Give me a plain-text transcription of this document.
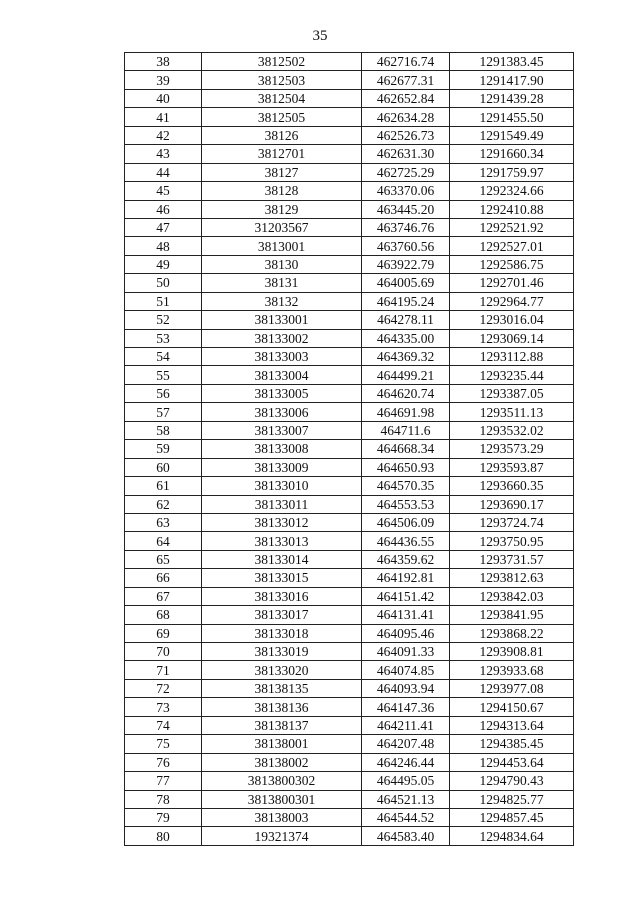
35
38	3812502	462716.74	1291383.45
39	3812503	462677.31	1291417.90
40	3812504	462652.84	1291439.28
41	3812505	462634.28	1291455.50
42	38126	462526.73	1291549.49
43	3812701	462631.30	1291660.34
44	38127	462725.29	1291759.97
45	38128	463370.06	1292324.66
46	38129	463445.20	1292410.88
47	31203567	463746.76	1292521.92
48	3813001	463760.56	1292527.01
49	38130	463922.79	1292586.75
50	38131	464005.69	1292701.46
51	38132	464195.24	1292964.77
52	38133001	464278.11	1293016.04
53	38133002	464335.00	1293069.14
54	38133003	464369.32	1293112.88
55	38133004	464499.21	1293235.44
56	38133005	464620.74	1293387.05
57	38133006	464691.98	1293511.13
58	38133007	464711.6	1293532.02
59	38133008	464668.34	1293573.29
60	38133009	464650.93	1293593.87
61	38133010	464570.35	1293660.35
62	38133011	464553.53	1293690.17
63	38133012	464506.09	1293724.74
64	38133013	464436.55	1293750.95
65	38133014	464359.62	1293731.57
66	38133015	464192.81	1293812.63
67	38133016	464151.42	1293842.03
68	38133017	464131.41	1293841.95
69	38133018	464095.46	1293868.22
70	38133019	464091.33	1293908.81
71	38133020	464074.85	1293933.68
72	38138135	464093.94	1293977.08
73	38138136	464147.36	1294150.67
74	38138137	464211.41	1294313.64
75	38138001	464207.48	1294385.45
76	38138002	464246.44	1294453.64
77	3813800302	464495.05	1294790.43
78	3813800301	464521.13	1294825.77
79	38138003	464544.52	1294857.45
80	19321374	464583.40	1294834.64
